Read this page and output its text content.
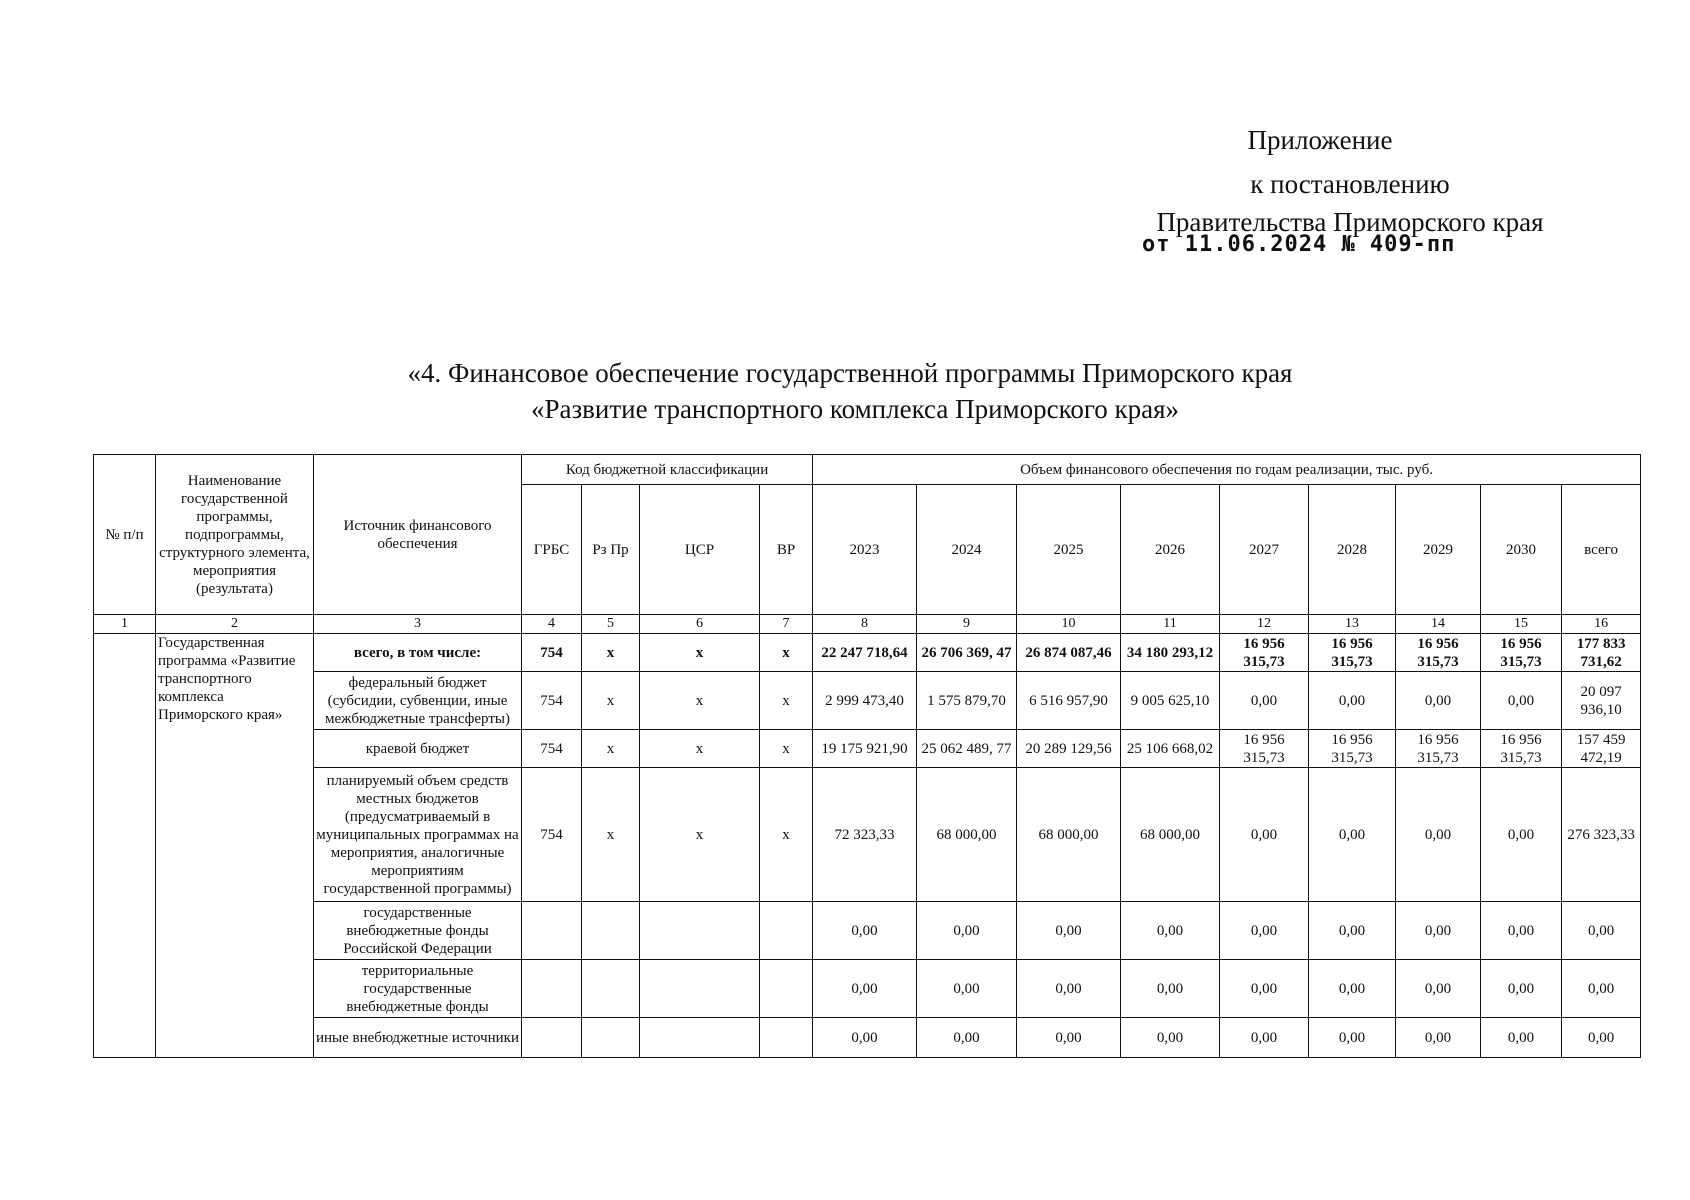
Приложение
к постановлению
Правительства Приморского края
от 11.06.2024 № 409-пп
«4. Финансовое обеспечение государственной программы Приморского края
«Развитие транспортного комплекса Приморского края»
№ п/п	Наименование государственной программы, подпрограммы, структурного элемента, мероприятия (результата)	Источник финансового обеспечения	Код бюджетной классификации				Объем финансового обеспечения по годам реализации, тыс. руб.								
			ГРБС	Рз Пр	ЦСР	ВР	2023	2024	2025	2026	2027	2028	2029	2030	всего
1	2	3	4	5	6	7	8	9	10	11	12	13	14	15	16
	Государственная программа «Развитие транспортного комплекса Приморского края»	всего, в том числе:	754	х	х	х	22 247 718,64	26 706 369, 47	26 874 087,46	34 180 293,12	16 956 315,73	16 956 315,73	16 956 315,73	16 956 315,73	177 833 731,62
		федеральный бюджет (субсидии, субвенции, иные межбюджетные трансферты)	754	х	х	х	2 999 473,40	1 575 879,70	6 516 957,90	9 005 625,10	0,00	0,00	0,00	0,00	20 097 936,10
		краевой бюджет	754	х	х	х	19 175 921,90	25 062 489, 77	20 289 129,56	25 106 668,02	16 956 315,73	16 956 315,73	16 956 315,73	16 956 315,73	157 459 472,19
		планируемый объем средств местных бюджетов (предусматриваемый в муниципальных программах на мероприятия, аналогичные мероприятиям государственной программы)	754	х	х	х	72 323,33	68 000,00	68 000,00	68 000,00	0,00	0,00	0,00	0,00	276 323,33
		государственные внебюджетные фонды Российской Федерации					0,00	0,00	0,00	0,00	0,00	0,00	0,00	0,00	0,00
		территориальные государственные внебюджетные фонды					0,00	0,00	0,00	0,00	0,00	0,00	0,00	0,00	0,00
		иные внебюджетные источники					0,00	0,00	0,00	0,00	0,00	0,00	0,00	0,00	0,00
